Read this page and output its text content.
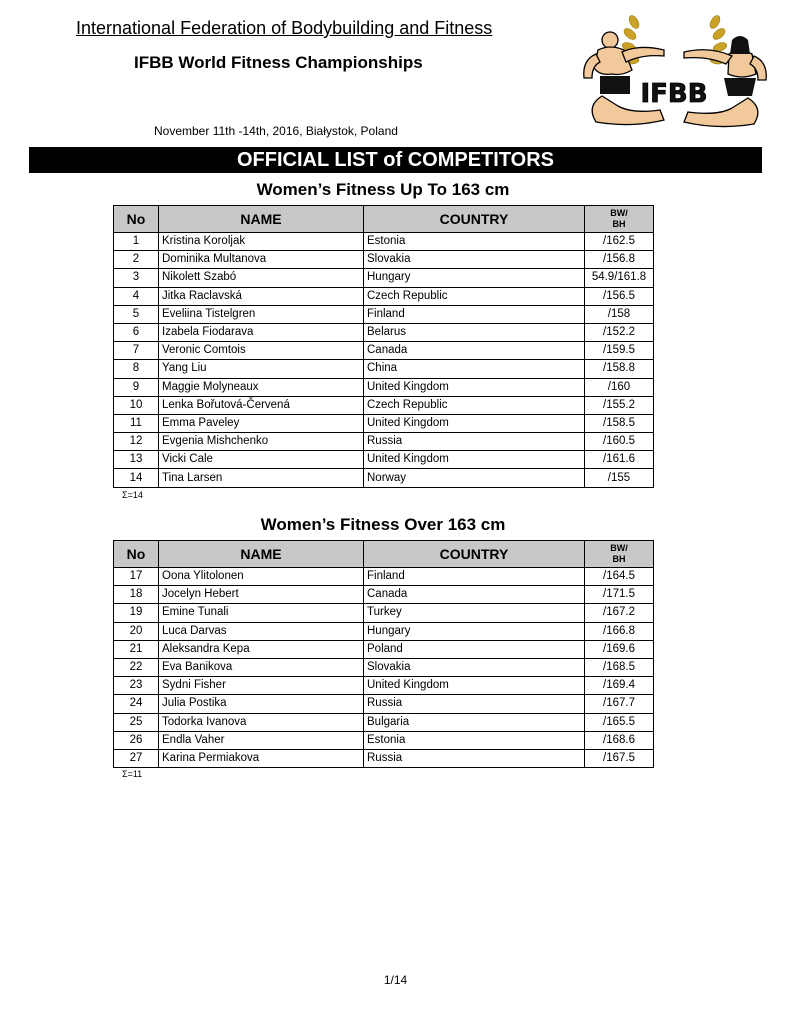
International Federation of Bodybuilding and Fitness
IFBB World Fitness Championships
November 11th -14th, 2016, Białystok, Poland
IFBB
OFFICIAL LIST of COMPETITORS
Women’s Fitness Up To 163 cm
No	NAME	COUNTRY	BW/
BH
1	Kristina Koroljak	Estonia	/162.5
2	Dominika Multanova	Slovakia	/156.8
3	Nikolett Szabó	Hungary	54.9/161.8
4	Jitka Raclavská	Czech Republic	/156.5
5	Eveliina Tistelgren	Finland	/158
6	Izabela Fiodarava	Belarus	/152.2
7	Veronic Comtois	Canada	/159.5
8	Yang Liu	China	/158.8
9	Maggie Molyneaux	United Kingdom	/160
10	Lenka Bořutová-Červená	Czech Republic	/155.2
11	Emma Paveley	United Kingdom	/158.5
12	Evgenia Mishchenko	Russia	/160.5
13	Vicki Cale	United Kingdom	/161.6
14	Tina Larsen	Norway	/155
Σ=14
Women’s Fitness Over 163 cm
No	NAME	COUNTRY	BW/
BH
17	Oona Ylitolonen	Finland	/164.5
18	Jocelyn Hebert	Canada	/171.5
19	Emine Tunali	Turkey	/167.2
20	Luca Darvas	Hungary	/166.8
21	Aleksandra Kepa	Poland	/169.6
22	Eva Banikova	Slovakia	/168.5
23	Sydni Fisher	United Kingdom	/169.4
24	Julia Postika	Russia	/167.7
25	Todorka Ivanova	Bulgaria	/165.5
26	Endla Vaher	Estonia	/168.6
27	Karina Permiakova	Russia	/167.5
Σ=11
1/14
